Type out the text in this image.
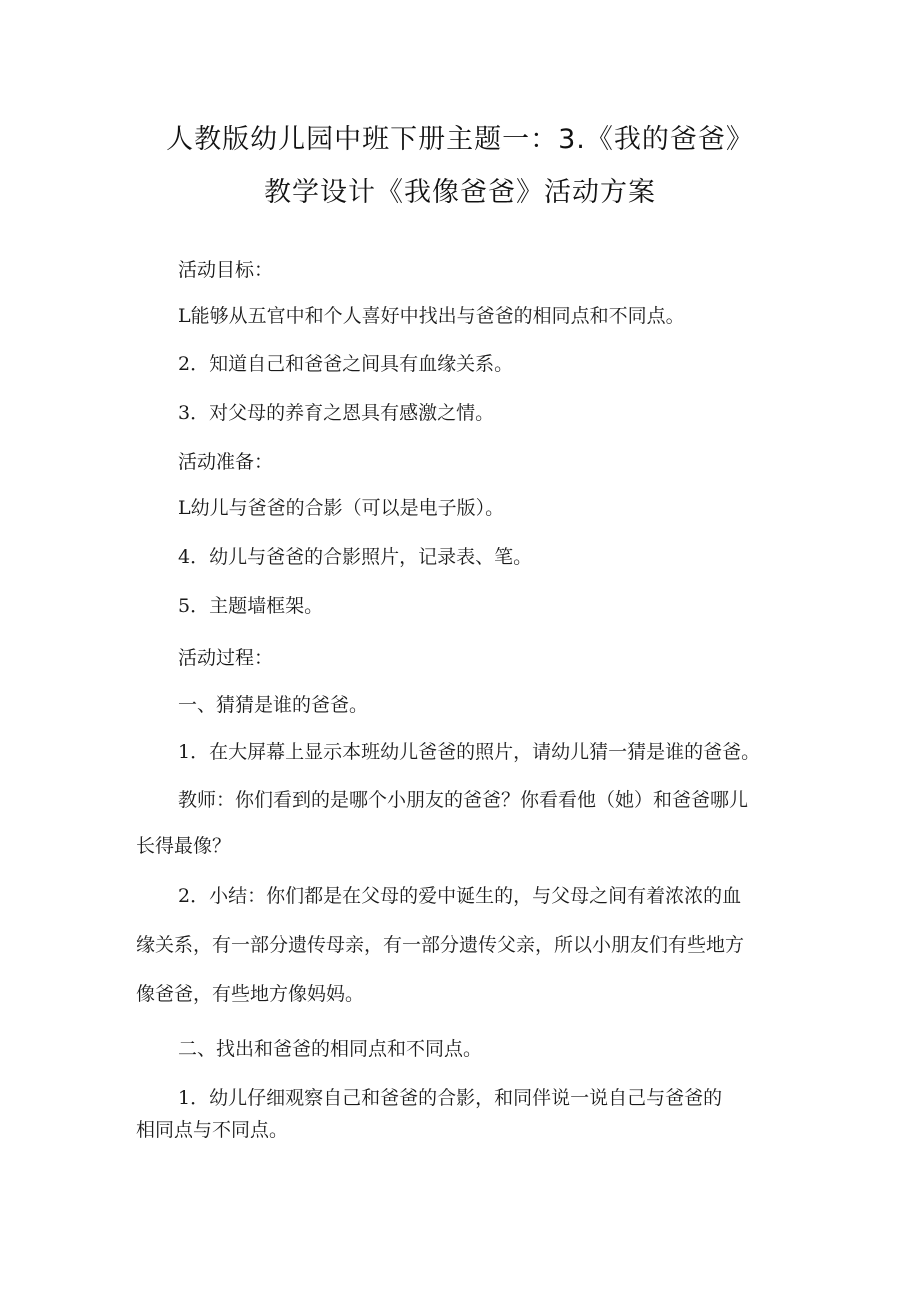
人教版幼儿园中班下册主题一：3.《我的爸爸》
教学设计《我像爸爸》活动方案
活动目标：
L能够从五官中和个人喜好中找出与爸爸的相同点和不同点。
2．知道自己和爸爸之间具有血缘关系。
3．对父母的养育之恩具有感激之情。
活动准备：
L幼儿与爸爸的合影（可以是电子版）。
4．幼儿与爸爸的合影照片，记录表、笔。
5．主题墙框架。
活动过程：
一、猜猜是谁的爸爸。
1．在大屏幕上显示本班幼儿爸爸的照片，请幼儿猜一猜是谁的爸爸。
教师：你们看到的是哪个小朋友的爸爸？你看看他（她）和爸爸哪儿
长得最像？
2．小结：你们都是在父母的爱中诞生的，与父母之间有着浓浓的血
缘关系，有一部分遗传母亲，有一部分遗传父亲，所以小朋友们有些地方
像爸爸，有些地方像妈妈。
二、找出和爸爸的相同点和不同点。
1．幼儿仔细观察自己和爸爸的合影，和同伴说一说自己与爸爸的
相同点与不同点。
